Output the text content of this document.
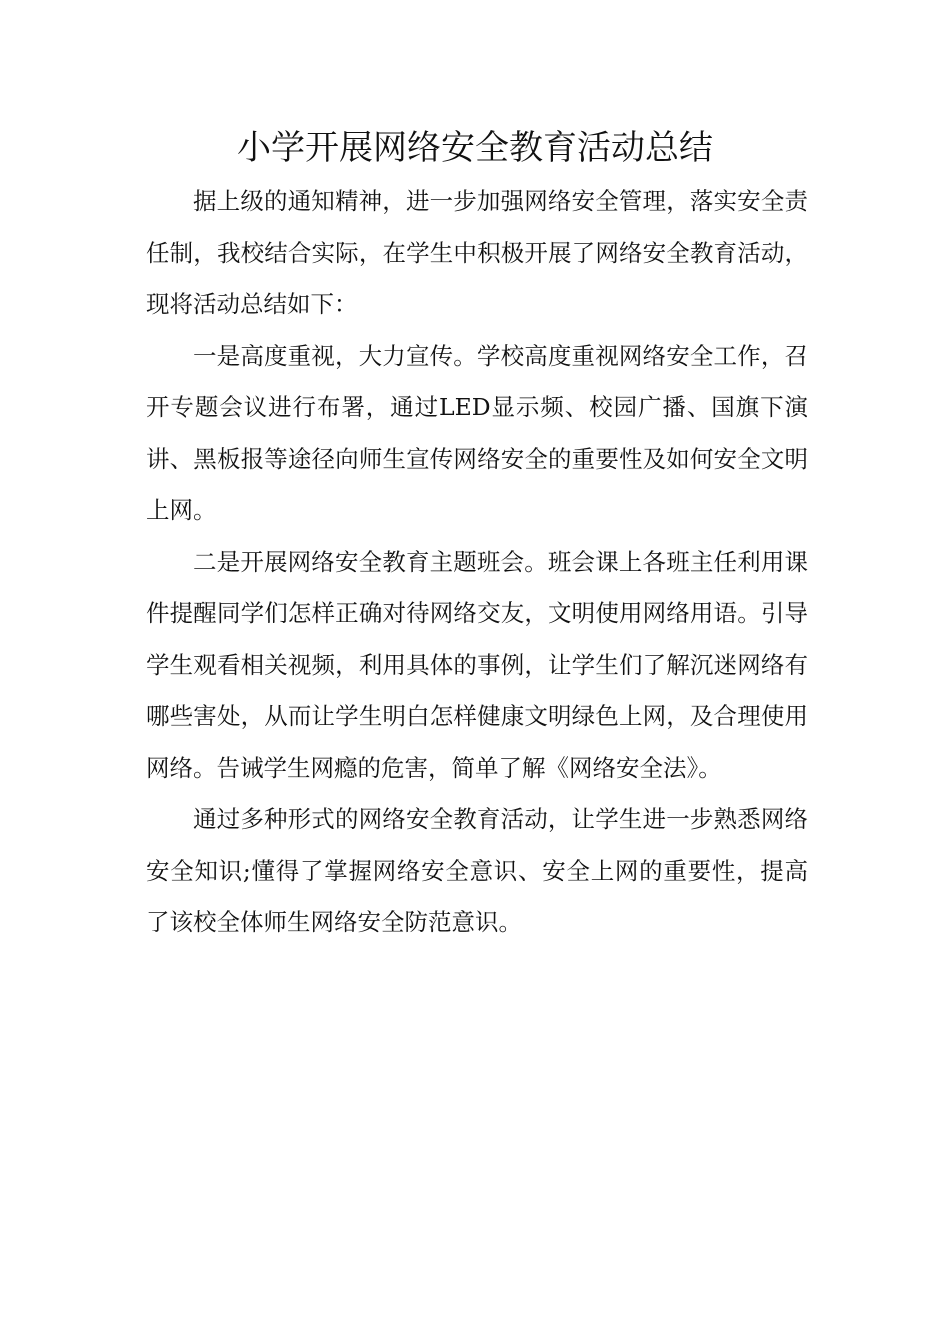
小学开展网络安全教育活动总结

据上级的通知精神，进一步加强网络安全管理，落实安全责任制，我校结合实际，在学生中积极开展了网络安全教育活动，现将活动总结如下：

一是高度重视，大力宣传。学校高度重视网络安全工作，召开专题会议进行布署，通过LED显示频、校园广播、国旗下演讲、黑板报等途径向师生宣传网络安全的重要性及如何安全文明上网。

二是开展网络安全教育主题班会。班会课上各班主任利用课件提醒同学们怎样正确对待网络交友，文明使用网络用语。引导学生观看相关视频，利用具体的事例，让学生们了解沉迷网络有哪些害处，从而让学生明白怎样健康文明绿色上网，及合理使用网络。告诫学生网瘾的危害，简单了解《网络安全法》。

通过多种形式的网络安全教育活动，让学生进一步熟悉网络安全知识;懂得了掌握网络安全意识、安全上网的重要性，提高了该校全体师生网络安全防范意识。
